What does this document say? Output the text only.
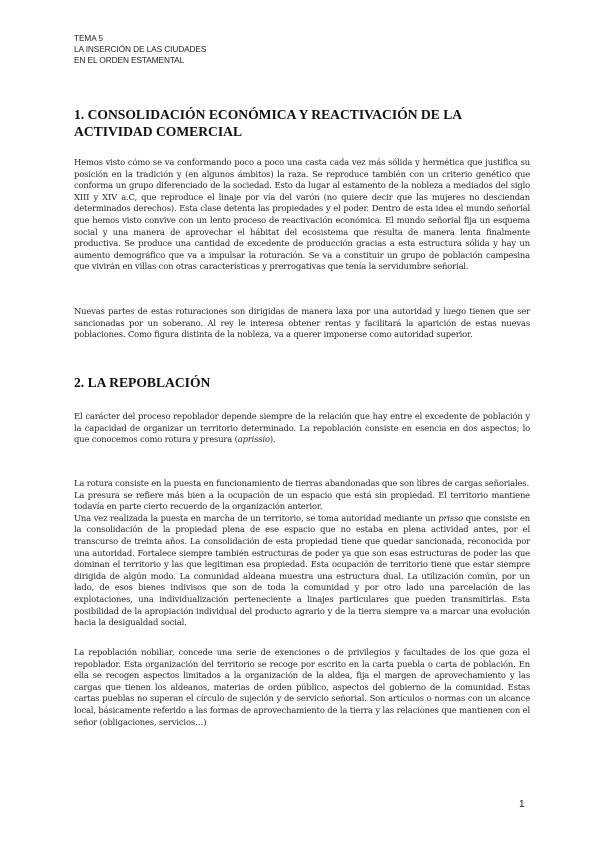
TEMA 5
LA INSERCIÓN DE LAS CIUDADES
EN EL ORDEN ESTAMENTAL
1. CONSOLIDACIÓN ECONÓMICA Y REACTIVACIÓN DE LA ACTIVIDAD COMERCIAL

Hemos visto cómo se va conformando poco a poco una casta cada vez más sólida y hermética que justifica su posición en la tradición y (en algunos ámbitos) la raza. Se reproduce también con un criterio genético que conforma un grupo diferenciado de la sociedad. Esto da lugar al estamento de la nobleza a mediados del siglo XIII y XIV a.C, que reproduce el linaje por vía del varón (no quiere decir que las mujeres no desciendan determinados derechos). Esta clase detenta las propiedades y el poder. Dentro de esta idea el mundo señorial que hemos visto convive con un lento proceso de reactivación económica. El mundo señorial fija un esquema social y una manera de aprovechar el hábitat del ecosistema que resulta de manera lenta finalmente productiva. Se produce una cantidad de excedente de producción gracias a esta estructura sólida y hay un aumento demográfico que va a impulsar la roturación. Se va a constituir un grupo de población campesina que vivirán en villas con otras características y prerrogativas que tenía la servidumbre señorial.

Nuevas partes de estas roturaciones son dirigidas de manera laxa por una autoridad y luego tienen que ser sancionadas por un soberano. Al rey le interesa obtener rentas y facilitará la aparición de estas nuevas poblaciones. Como figura distinta de la nobleza, va a querer imponerse como autoridad superior.

2. LA REPOBLACIÓN

El carácter del proceso repoblador depende siempre de la relación que hay entre el excedente de población y la capacidad de organizar un territorio determinado. La repoblación consiste en esencia en dos aspectos; lo que conocemos como rotura y presura (aprissio).

La rotura consiste en la puesta en funcionamiento de tierras abandonadas que son libres de cargas señoriales.
La presura se refiere más bien a la ocupación de un espacio que está sin propiedad. El territorio mantiene todavía en parte cierto recuerdo de la organización anterior.
Una vez realizada la puesta en marcha de un territorio, se toma autoridad mediante un prisso que consiste en la consolidación de la propiedad plena de ese espacio que no estaba en plena actividad antes, por el transcurso de treinta años. La consolidación de esta propiedad tiene que quedar sancionada, reconocida por una autoridad. Fortalece siempre también estructuras de poder ya que son esas estructuras de poder las que dominan el territorio y las que legitiman esa propiedad. Esta ocupación de territorio tiene que estar siempre dirigida de algún modo. La comunidad aldeana muestra una estructura dual. La utilización común, por un lado, de esos bienes indivisos que son de toda la comunidad y por otro lado una parcelación de las explotaciones, una individualización perteneciente a linajes particulares que pueden transmitirlas. Esta posibilidad de la apropiación individual del producto agrario y de la tierra siempre va a marcar una evolución hacia la desigualdad social.

La repoblación nobiliar, concede una serie de exenciones o de privilegios y facultades de los que goza el repoblador. Esta organización del territorio se recoge por escrito en la carta puebla o carta de población. En ella se recogen aspectos limitados a la organización de la aldea, fija el margen de aprovechamiento y las cargas que tienen los aldeanos, materias de orden público, aspectos del gobierno de la comunidad. Estas cartas pueblas no superan el círculo de sujeción y de servicio señorial. Son artículos o normas con un alcance local, básicamente referido a las formas de aprovechamiento de la tierra y las relaciones que mantienen con el señor (obligaciones, servicios…)

1
